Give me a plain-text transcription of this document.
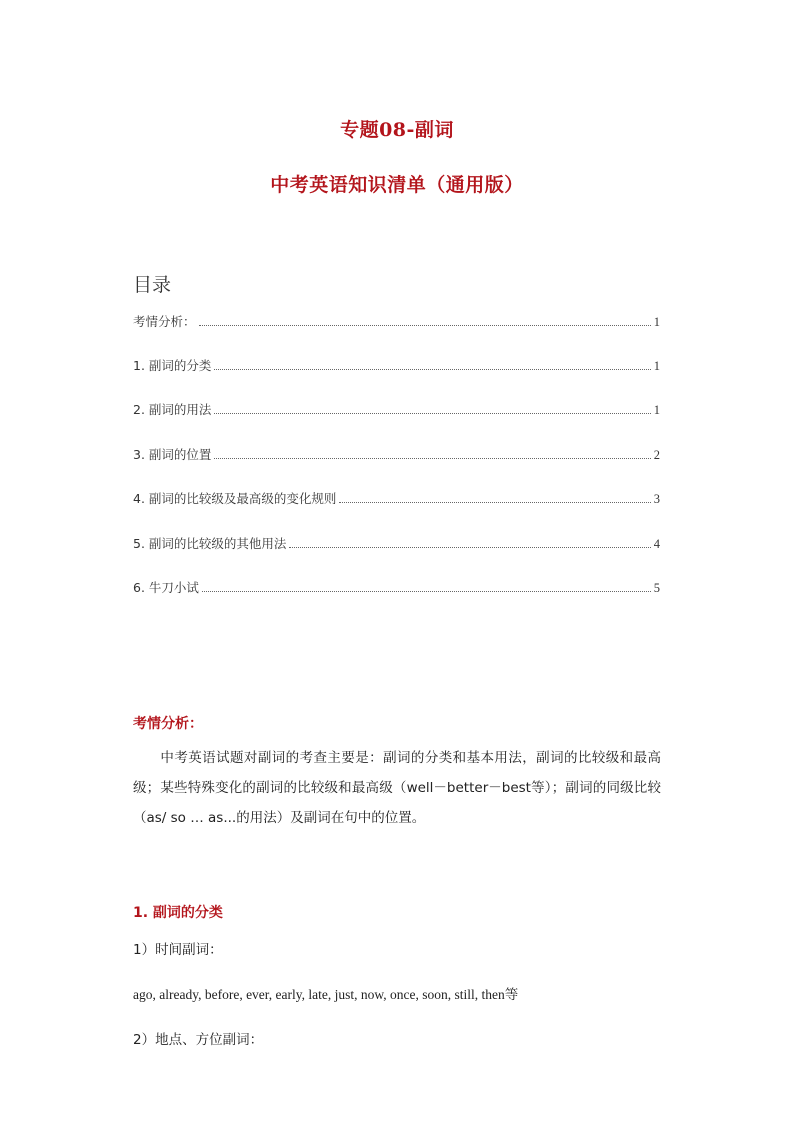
专题08-副词
中考英语知识清单（通用版）
目录
考情分析：	1
1. 副词的分类	1
2. 副词的用法	1
3. 副词的位置	2
4. 副词的比较级及最高级的变化规则	3
5. 副词的比较级的其他用法	4
6. 牛刀小试	5
考情分析：
中考英语试题对副词的考查主要是：副词的分类和基本用法，副词的比较级和最高级；某些特殊变化的副词的比较级和最高级（well－better－best等）；副词的同级比较（as/ so … as...的用法）及副词在句中的位置。
1. 副词的分类
1）时间副词：
ago, already, before, ever, early, late, just, now, once, soon, still, then等
2）地点、方位副词：
